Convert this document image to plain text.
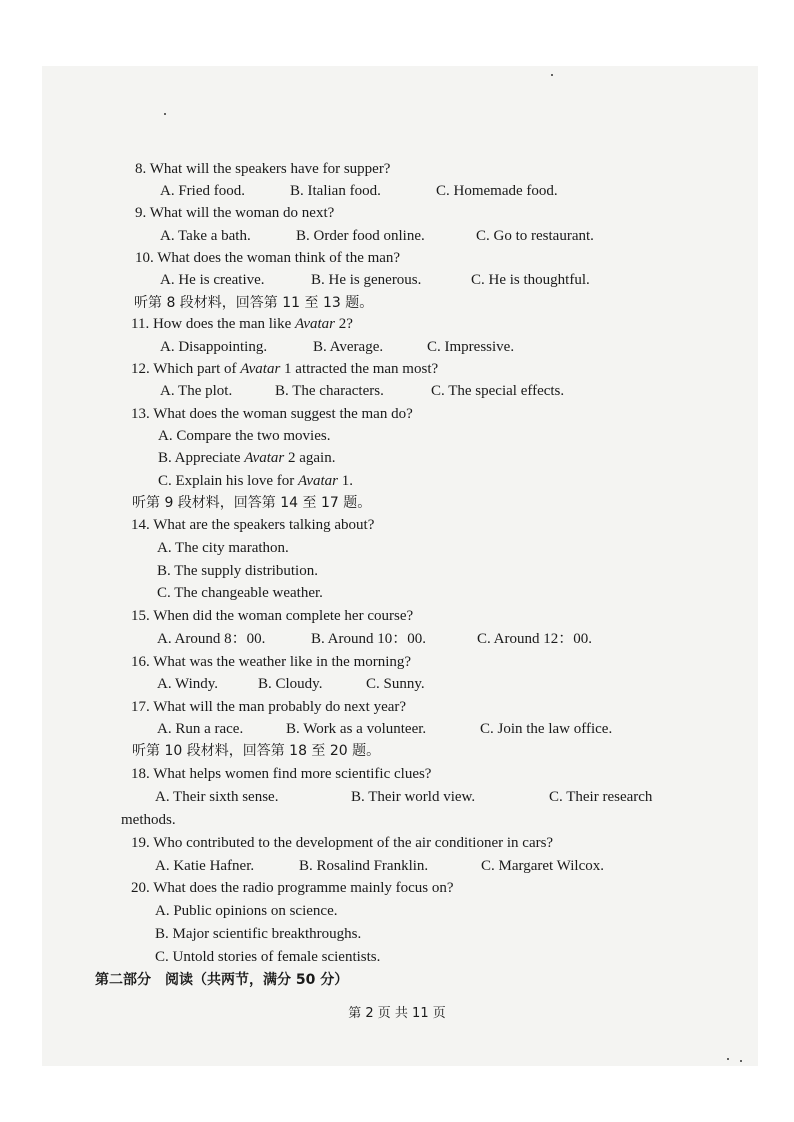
8. What will the speakers have for supper?
A. Fried food.	B. Italian food.	C. Homemade food.
9. What will the woman do next?
A. Take a bath.	B. Order food online.	C. Go to restaurant.
10. What does the woman think of the man?
A. He is creative.	B. He is generous.	C. He is thoughtful.
听第 8 段材料，回答第 11 至 13 题。
11. How does the man like Avatar 2?
A. Disappointing.	B. Average.	C. Impressive.
12. Which part of Avatar 1 attracted the man most?
A. The plot.	B. The characters.	C. The special effects.
13. What does the woman suggest the man do?
A. Compare the two movies.
B. Appreciate Avatar 2 again.
C. Explain his love for Avatar 1.
听第 9 段材料，回答第 14 至 17 题。
14. What are the speakers talking about?
A. The city marathon.
B. The supply distribution.
C. The changeable weather.
15. When did the woman complete her course?
A. Around 8：00.	B. Around 10：00.	C. Around 12：00.
16. What was the weather like in the morning?
A. Windy.	B. Cloudy.	C. Sunny.
17. What will the man probably do next year?
A. Run a race.	B. Work as a volunteer.	C. Join the law office.
听第 10 段材料，回答第 18 至 20 题。
18. What helps women find more scientific clues?
A. Their sixth sense.	B. Their world view.	C. Their research
methods.
19. Who contributed to the development of the air conditioner in cars?
A. Katie Hafner.	B. Rosalind Franklin.	C. Margaret Wilcox.
20. What does the radio programme mainly focus on?
A. Public opinions on science.
B. Major scientific breakthroughs.
C. Untold stories of female scientists.
第二部分　阅读（共两节，满分 50 分）
第 2 页 共 11 页
